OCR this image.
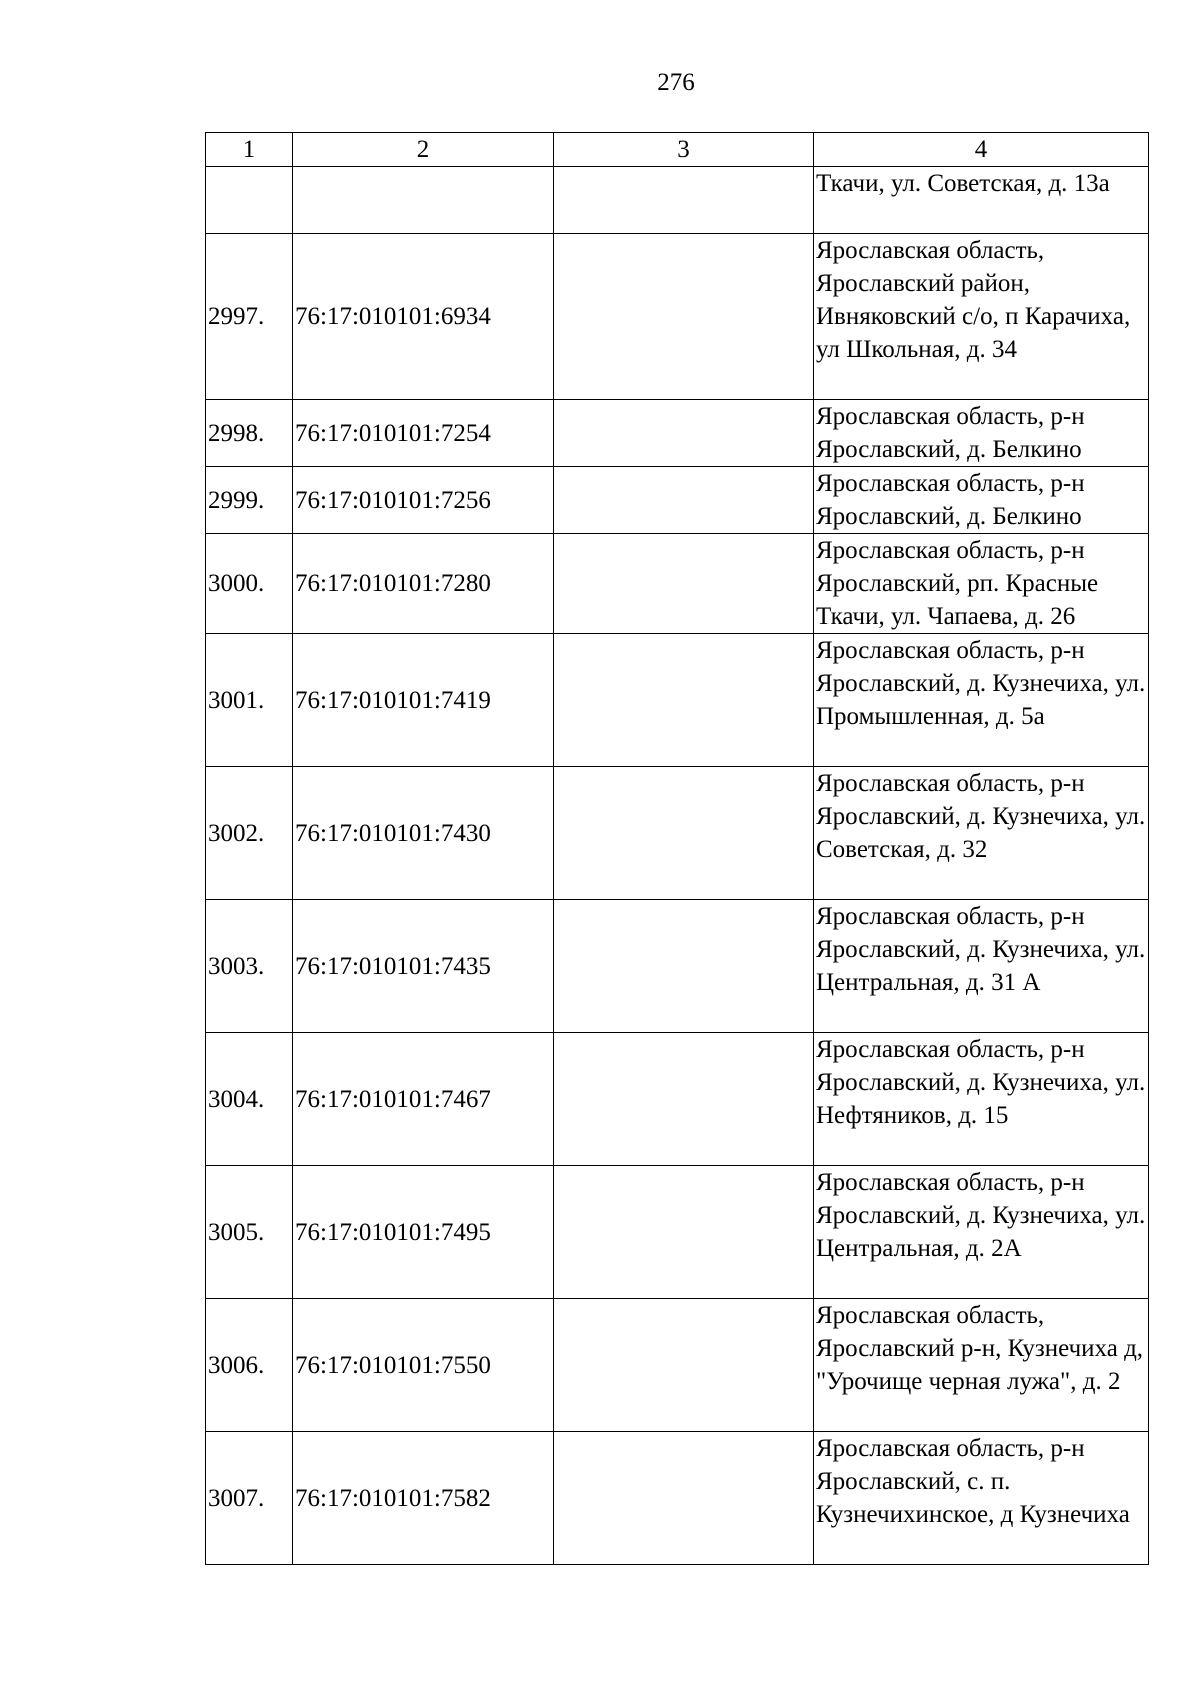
276
1	2	3	4
			Ткачи, ул. Советская, д. 13а
2997.	76:17:010101:6934		Ярославская область, Ярославский район, Ивняковский с/о, п Карачиха, ул Школьная, д. 34
2998.	76:17:010101:7254		Ярославская область, р-н Ярославский, д. Белкино
2999.	76:17:010101:7256		Ярославская область, р-н Ярославский, д. Белкино
3000.	76:17:010101:7280		Ярославская область, р-н Ярославский, рп. Красные Ткачи, ул. Чапаева, д. 26
3001.	76:17:010101:7419		Ярославская область, р-н Ярославский, д. Кузнечиха, ул. Промышленная, д. 5а
3002.	76:17:010101:7430		Ярославская область, р-н Ярославский, д. Кузнечиха, ул. Советская, д. 32
3003.	76:17:010101:7435		Ярославская область, р-н Ярославский, д. Кузнечиха, ул. Центральная, д. 31 А
3004.	76:17:010101:7467		Ярославская область, р-н Ярославский, д. Кузнечиха, ул. Нефтяников, д. 15
3005.	76:17:010101:7495		Ярославская область, р-н Ярославский, д. Кузнечиха, ул. Центральная, д. 2А
3006.	76:17:010101:7550		Ярославская область, Ярославский р-н, Кузнечиха д, "Урочище черная лужа", д. 2
3007.	76:17:010101:7582		Ярославская область, р-н Ярославский, с. п. Кузнечихинское, д Кузнечиха
